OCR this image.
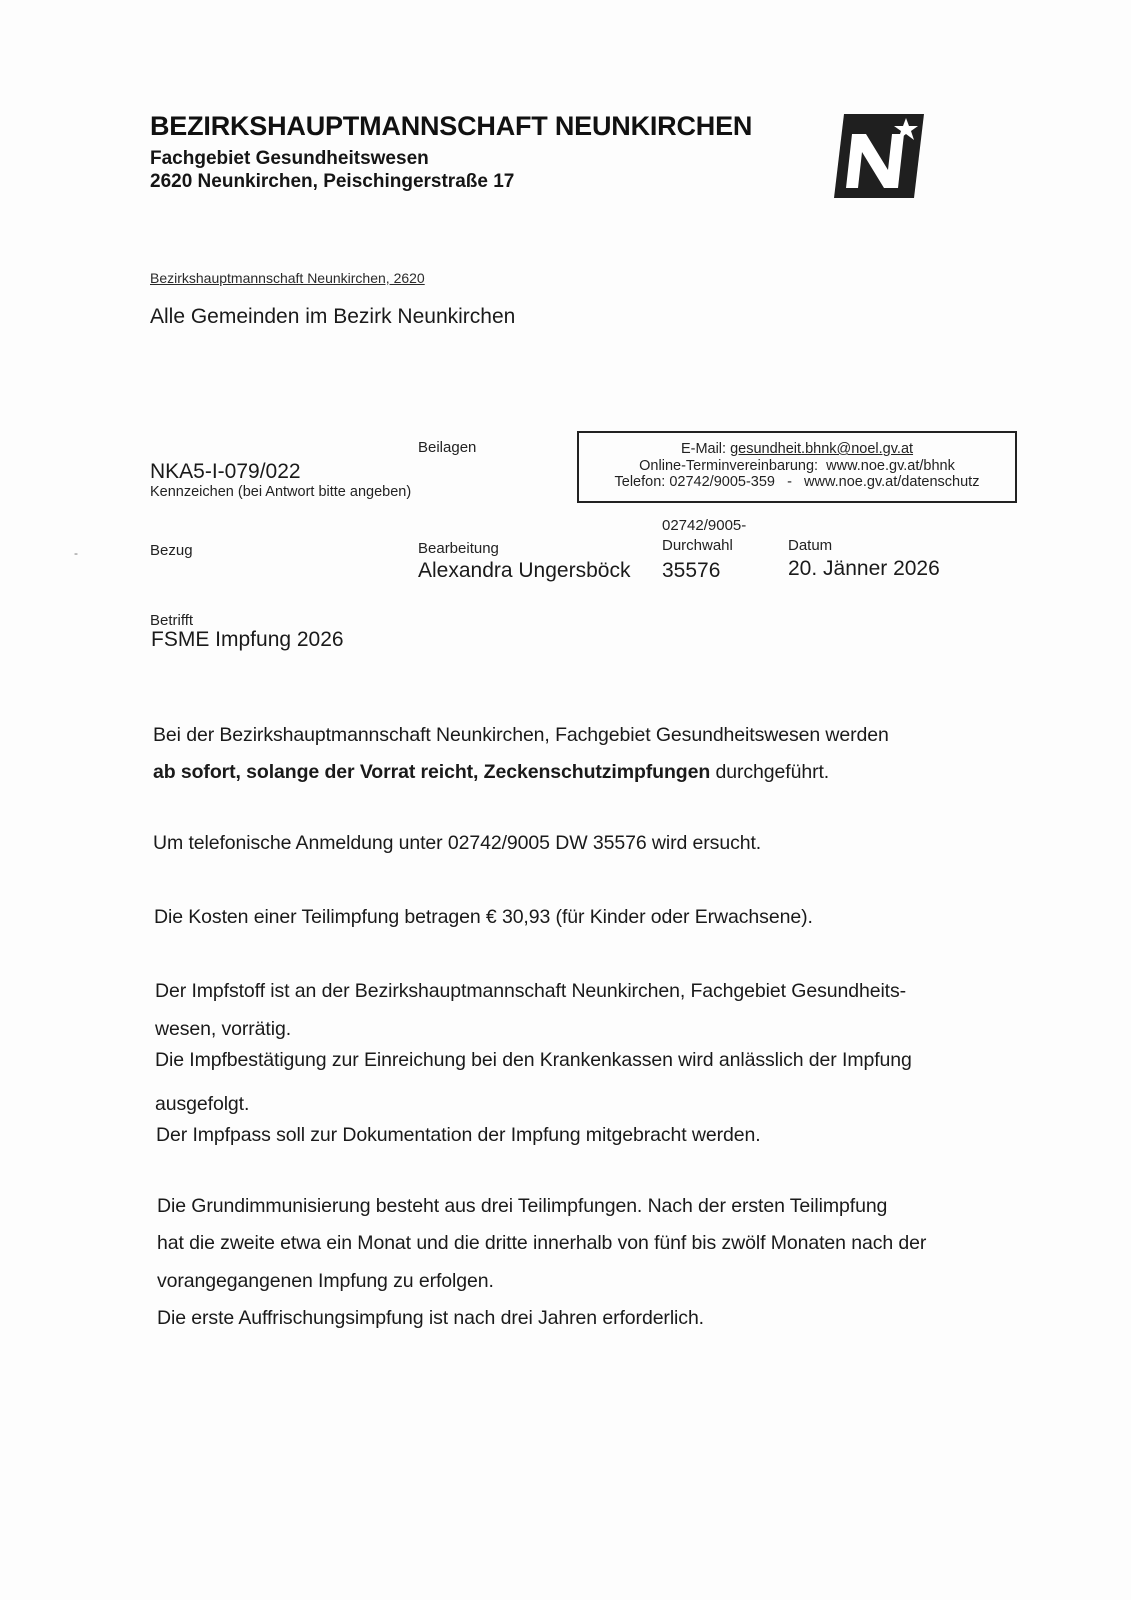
BEZIRKSHAUPTMANNSCHAFT NEUNKIRCHEN
Fachgebiet Gesundheitswesen
2620 Neunkirchen, Peischingerstraße 17
Bezirkshauptmannschaft Neunkirchen, 2620
Alle Gemeinden im Bezirk Neunkirchen
Beilagen
NKA5-I-079/022
Kennzeichen (bei Antwort bitte angeben)
E-Mail: gesundheit.bhnk@noel.gv.at
Online-Terminvereinbarung: www.noe.gv.at/bhnk
Telefon: 02742/9005-359 - www.noe.gv.at/datenschutz
-	Bezug	Bearbeitung
Alexandra Ungersböck
02742/9005-
Durchwahl
35576
Datum
20. Jänner 2026
Betrifft
FSME Impfung 2026
Bei der Bezirkshauptmannschaft Neunkirchen, Fachgebiet Gesundheitswesen werden
ab sofort, solange der Vorrat reicht, Zeckenschutzimpfungen durchgeführt.
Um telefonische Anmeldung unter 02742/9005 DW 35576 wird ersucht.
Die Kosten einer Teilimpfung betragen € 30,93 (für Kinder oder Erwachsene).
Der Impfstoff ist an der Bezirkshauptmannschaft Neunkirchen, Fachgebiet Gesundheits-
wesen, vorrätig.
Die Impfbestätigung zur Einreichung bei den Krankenkassen wird anlässlich der Impfung
ausgefolgt.
Der Impfpass soll zur Dokumentation der Impfung mitgebracht werden.
Die Grundimmunisierung besteht aus drei Teilimpfungen. Nach der ersten Teilimpfung
hat die zweite etwa ein Monat und die dritte innerhalb von fünf bis zwölf Monaten nach der
vorangegangenen Impfung zu erfolgen.
Die erste Auffrischungsimpfung ist nach drei Jahren erforderlich.
